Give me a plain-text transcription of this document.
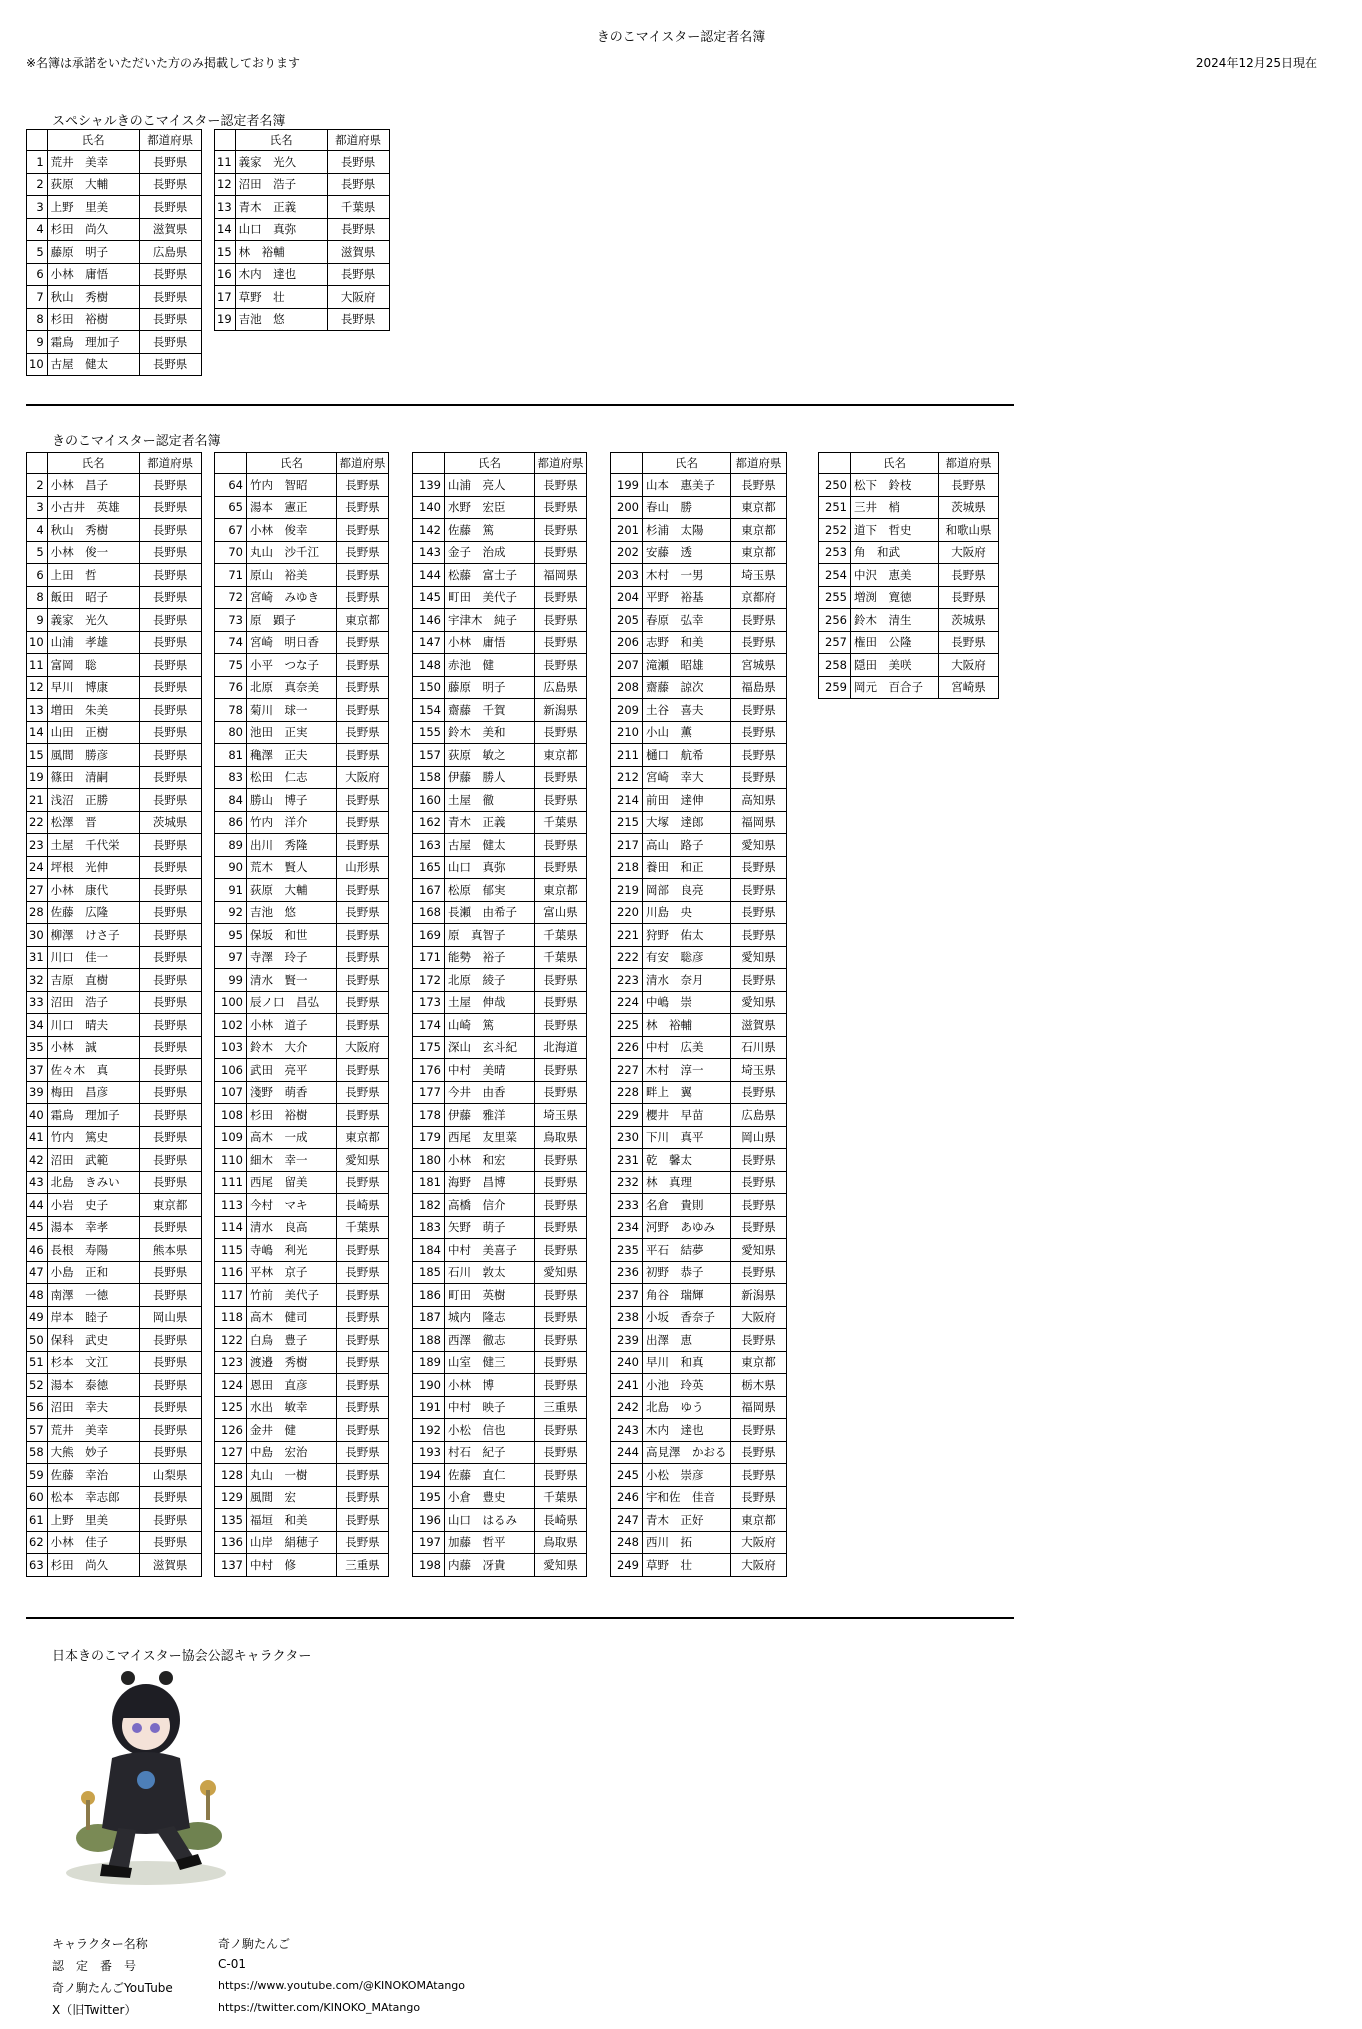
きのこマイスター認定者名簿
※名簿は承諾をいただいた方のみ掲載しております	2024年12月25日現在
スペシャルきのこマイスター認定者名簿
	氏名	都道府県
1	荒井　美幸	長野県
2	荻原　大輔	長野県
3	上野　里美	長野県
4	杉田　尚久	滋賀県
5	藤原　明子	広島県
6	小林　庸悟	長野県
7	秋山　秀樹	長野県
8	杉田　裕樹	長野県
9	霜鳥　理加子	長野県
10	古屋　健太	長野県
	氏名	都道府県
11	義家　光久	長野県
12	沼田　浩子	長野県
13	青木　正義	千葉県
14	山口　真弥	長野県
15	林　裕輔	滋賀県
16	木内　達也	長野県
17	草野　壮	大阪府
19	吉池　悠	長野県
きのこマイスター認定者名簿
	氏名	都道府県
2	小林　昌子	長野県
3	小古井　英雄	長野県
4	秋山　秀樹	長野県
5	小林　俊一	長野県
6	上田　哲	長野県
8	飯田　昭子	長野県
9	義家　光久	長野県
10	山浦　孝雄	長野県
11	富岡　聡	長野県
12	早川　博康	長野県
13	増田　朱美	長野県
14	山田　正樹	長野県
15	風間　勝彦	長野県
19	篠田　清嗣	長野県
21	浅沼　正勝	長野県
22	松澤　晋	茨城県
23	土屋　千代栄	長野県
24	坪根　光伸	長野県
27	小林　康代	長野県
28	佐藤　広隆	長野県
30	柳澤　けさ子	長野県
31	川口　佳一	長野県
32	吉原　直樹	長野県
33	沼田　浩子	長野県
34	川口　晴夫	長野県
35	小林　誠	長野県
37	佐々木　真	長野県
39	梅田　昌彦	長野県
40	霜鳥　理加子	長野県
41	竹内　篤史	長野県
42	沼田　武範	長野県
43	北島　きみい	長野県
44	小岩　史子	東京都
45	湯本　幸孝	長野県
46	長根　寿陽	熊本県
47	小島　正和	長野県
48	南澤　一徳	長野県
49	岸本　睦子	岡山県
50	保科　武史	長野県
51	杉本　文江	長野県
52	湯本　泰徳	長野県
56	沼田　幸夫	長野県
57	荒井　美幸	長野県
58	大熊　妙子	長野県
59	佐藤　幸治	山梨県
60	松本　幸志郎	長野県
61	上野　里美	長野県
62	小林　佳子	長野県
63	杉田　尚久	滋賀県
	氏名	都道府県
64	竹内　智昭	長野県
65	湯本　憲正	長野県
67	小林　俊幸	長野県
70	丸山　沙千江	長野県
71	原山　裕美	長野県
72	宮崎　みゆき	長野県
73	原　顕子	東京都
74	宮崎　明日香	長野県
75	小平　つな子	長野県
76	北原　真奈美	長野県
78	菊川　球一	長野県
80	池田　正実	長野県
81	穐澤　正夫	長野県
83	松田　仁志	大阪府
84	勝山　博子	長野県
86	竹内　洋介	長野県
89	出川　秀隆	長野県
90	荒木　賢人	山形県
91	荻原　大輔	長野県
92	吉池　悠	長野県
95	保坂　和世	長野県
97	寺澤　玲子	長野県
99	清水　賢一	長野県
100	辰ノ口　昌弘	長野県
102	小林　道子	長野県
103	鈴木　大介	大阪府
106	武田　亮平	長野県
107	淺野　萌香	長野県
108	杉田　裕樹	長野県
109	高木　一成	東京都
110	細木　幸一	愛知県
111	西尾　留美	長野県
113	今村　マキ	長崎県
114	清水　良高	千葉県
115	寺嶋　利光	長野県
116	平林　京子	長野県
117	竹前　美代子	長野県
118	高木　健司	長野県
122	白鳥　豊子	長野県
123	渡邉　秀樹	長野県
124	恩田　直彦	長野県
125	水出　敏幸	長野県
126	金井　健	長野県
127	中島　宏治	長野県
128	丸山　一樹	長野県
129	風間　宏	長野県
135	福垣　和美	長野県
136	山岸　絹穂子	長野県
137	中村　修	三重県
	氏名	都道府県
139	山浦　亮人	長野県
140	水野　宏臣	長野県
142	佐藤　篤	長野県
143	金子　治成	長野県
144	松藤　富士子	福岡県
145	町田　美代子	長野県
146	宇津木　純子	長野県
147	小林　庸悟	長野県
148	赤池　健	長野県
150	藤原　明子	広島県
154	齋藤　千賀	新潟県
155	鈴木　美和	長野県
157	荻原　敏之	東京都
158	伊藤　勝人	長野県
160	土屋　徹	長野県
162	青木　正義	千葉県
163	古屋　健太	長野県
165	山口　真弥	長野県
167	松原　郁実	東京都
168	長瀬　由希子	富山県
169	原　真智子	千葉県
171	能勢　裕子	千葉県
172	北原　綾子	長野県
173	土屋　伸哉	長野県
174	山崎　篤	長野県
175	深山　玄斗紀	北海道
176	中村　美晴	長野県
177	今井　由香	長野県
178	伊藤　雅洋	埼玉県
179	西尾　友里菜	鳥取県
180	小林　和宏	長野県
181	海野　昌博	長野県
182	高橋　信介	長野県
183	矢野　萌子	長野県
184	中村　美喜子	長野県
185	石川　敦太	愛知県
186	町田　英樹	長野県
187	城内　隆志	長野県
188	西澤　徹志	長野県
189	山室　健三	長野県
190	小林　博	長野県
191	中村　映子	三重県
192	小松　信也	長野県
193	村石　紀子	長野県
194	佐藤　直仁	長野県
195	小倉　豊史	千葉県
196	山口　はるみ	長崎県
197	加藤　哲平	鳥取県
198	内藤　冴貴	愛知県
	氏名	都道府県
199	山本　惠美子	長野県
200	春山　勝	東京都
201	杉浦　太陽	東京都
202	安藤　透	東京都
203	木村　一男	埼玉県
204	平野　裕基	京都府
205	春原　弘幸	長野県
206	志野　和美	長野県
207	滝瀬　昭雄	宮城県
208	齋藤　諒次	福島県
209	土谷　喜夫	長野県
210	小山　薫	長野県
211	樋口　航希	長野県
212	宮崎　幸大	長野県
214	前田　達伸	高知県
215	大塚　達郎	福岡県
217	高山　路子	愛知県
218	養田　和正	長野県
219	岡部　良亮	長野県
220	川島　央	長野県
221	狩野　佑太	長野県
222	有安　聡彦	愛知県
223	清水　奈月	長野県
224	中嶋　崇	愛知県
225	林　裕輔	滋賀県
226	中村　広美	石川県
227	木村　淳一	埼玉県
228	畔上　翼	長野県
229	櫻井　早苗	広島県
230	下川　真平	岡山県
231	乾　馨太	長野県
232	林　真理	長野県
233	名倉　貴則	長野県
234	河野　あゆみ	長野県
235	平石　結夢	愛知県
236	初野　恭子	長野県
237	角谷　瑞輝	新潟県
238	小坂　香奈子	大阪府
239	出澤　恵	長野県
240	早川　和真	東京都
241	小池　玲英	栃木県
242	北島　ゆう	福岡県
243	木内　達也	長野県
244	高見澤　かおる	長野県
245	小松　崇彦	長野県
246	宇和佐　佳音	長野県
247	青木　正好	東京都
248	西川　拓	大阪府
249	草野　壮	大阪府
	氏名	都道府県
250	松下　鈴枝	長野県
251	三井　梢	茨城県
252	道下　哲史	和歌山県
253	角　和武	大阪府
254	中沢　恵美	長野県
255	増渕　寛徳	長野県
256	鈴木　清生	茨城県
257	権田　公隆	長野県
258	隠田　美咲	大阪府
259	岡元　百合子	宮崎県
日本きのこマイスター協会公認キャラクター
キャラクター名称	奇ノ駒たんご
認　定　番　号	C-01
奇ノ駒たんごYouTube	https://www.youtube.com/@KINOKOMAtango
X（旧Twitter）	https://twitter.com/KINOKO_MAtango
